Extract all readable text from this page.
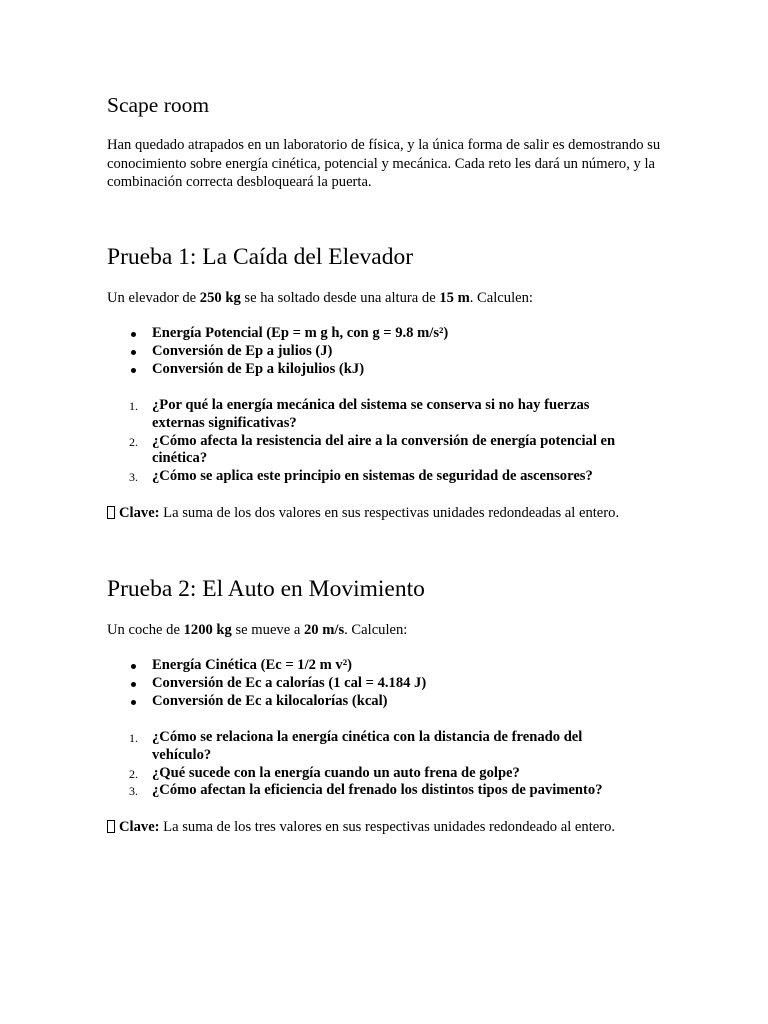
Scape room

Han quedado atrapados en un laboratorio de física, y la única forma de salir es demostrando su conocimiento sobre energía cinética, potencial y mecánica. Cada reto les dará un número, y la combinación correcta desbloqueará la puerta.

Prueba 1: La Caída del Elevador

Un elevador de 250 kg se ha soltado desde una altura de 15 m. Calculen:

Energía Potencial (Ep = m g h, con g = 9.8 m/s²)
Conversión de Ep a julios (J)
Conversión de Ep a kilojulios (kJ)
1. ¿Por qué la energía mecánica del sistema se conserva si no hay fuerzas externas significativas?
2. ¿Cómo afecta la resistencia del aire a la conversión de energía potencial en cinética?
3. ¿Cómo se aplica este principio en sistemas de seguridad de ascensores?

Clave: La suma de los dos valores en sus respectivas unidades redondeadas al entero.

Prueba 2: El Auto en Movimiento

Un coche de 1200 kg se mueve a 20 m/s. Calculen:

Energía Cinética (Ec = 1/2 m v²)
Conversión de Ec a calorías (1 cal = 4.184 J)
Conversión de Ec a kilocalorías (kcal)
1. ¿Cómo se relaciona la energía cinética con la distancia de frenado del vehículo?
2. ¿Qué sucede con la energía cuando un auto frena de golpe?
3. ¿Cómo afectan la eficiencia del frenado los distintos tipos de pavimento?

Clave: La suma de los tres valores en sus respectivas unidades redondeado al entero.
